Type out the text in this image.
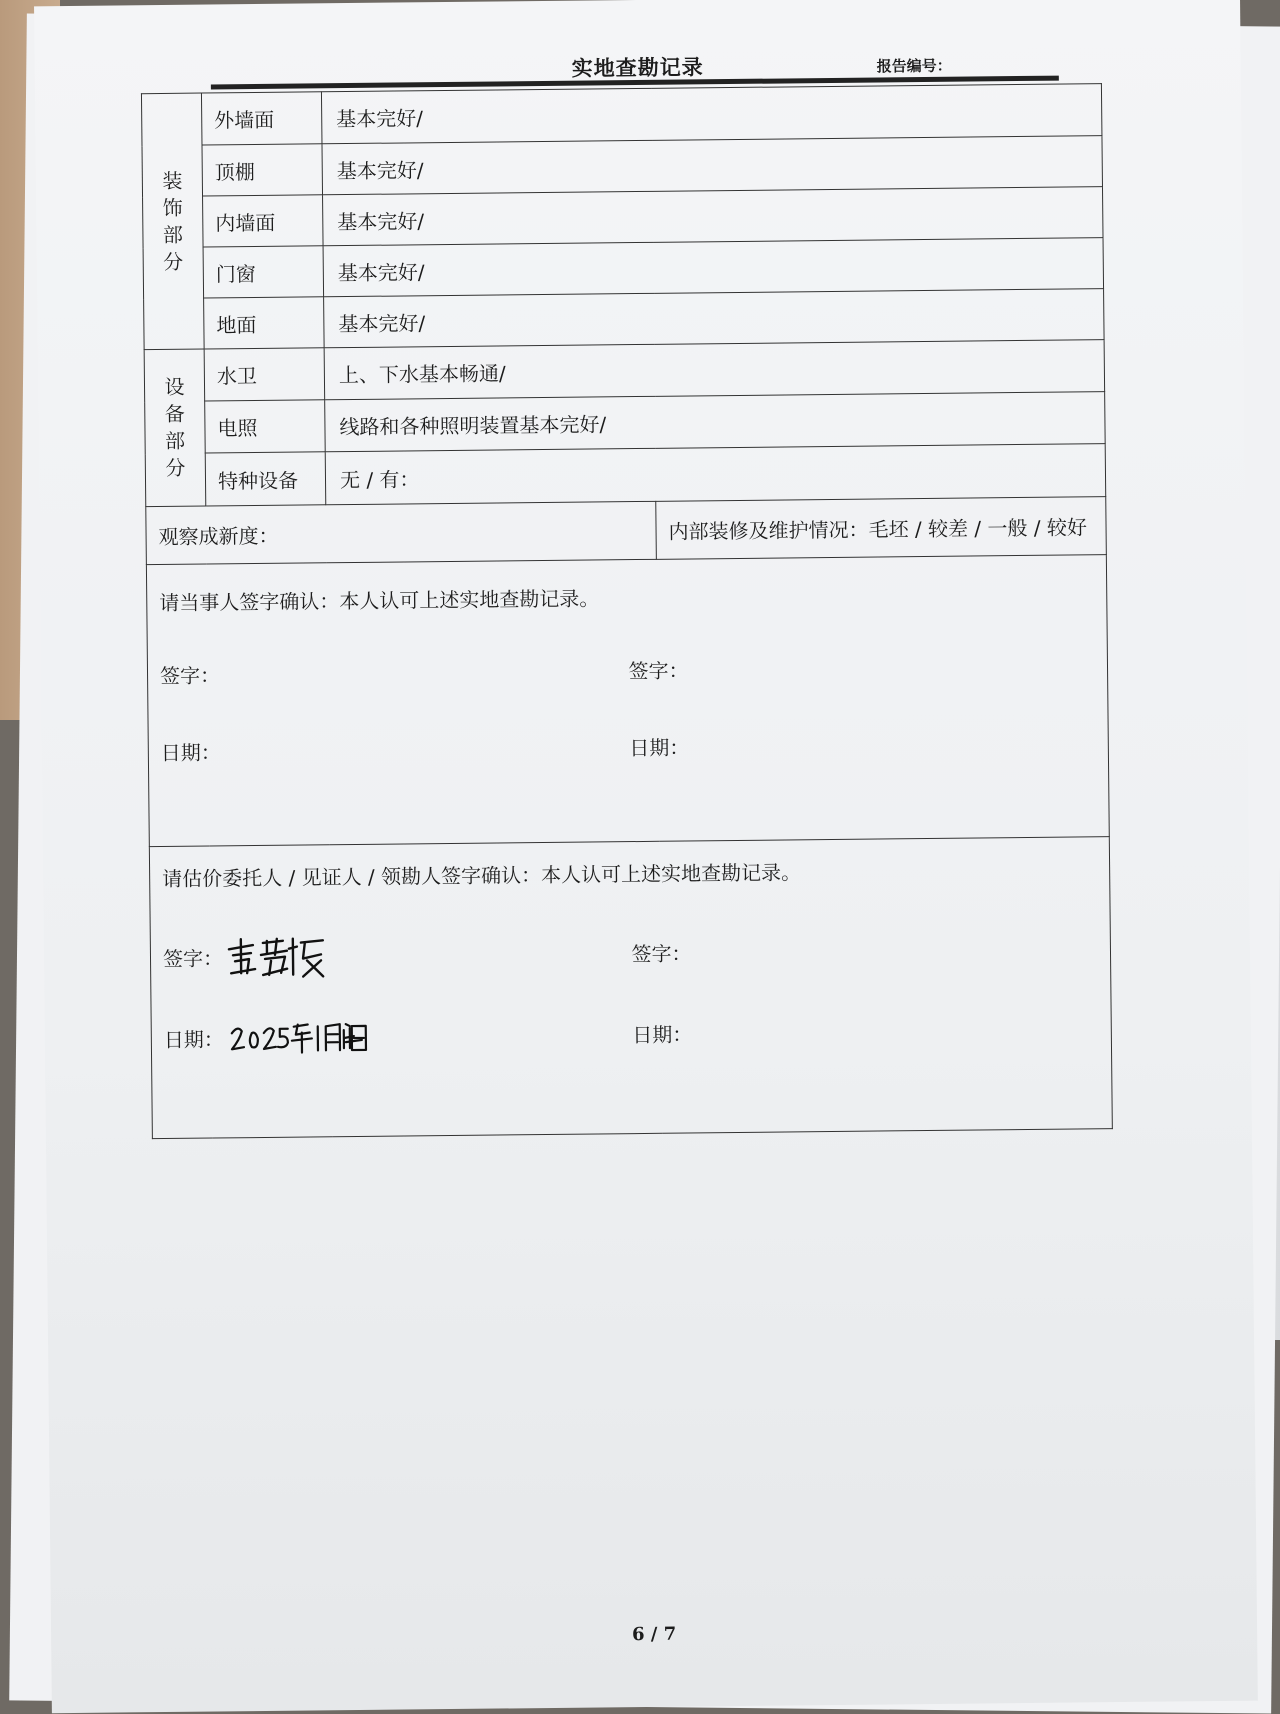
实地查勘记录	报告编号：
装
饰
部
分	外墙面	基本完好/	
	顶棚	基本完好/	
	内墙面	基本完好/	
	门窗	基本完好/	
	地面	基本完好/	

设
备
部
分	水卫	上、下水基本畅通/	
	电照	线路和各种照明装置基本完好/	
	特种设备	无 / 有：	
观察成新度：			内部装修及维护情况：毛坯 / 较差 / 一般 / 较好

请当事人签字确认：本人认可上述实地查勘记录。
签字： 签字：
日期： 日期：			

请估价委托人 / 见证人 / 领勘人签字确认：本人认可上述实地查勘记录。
签字： 签字：
日期： 日期：			
6 / 7
